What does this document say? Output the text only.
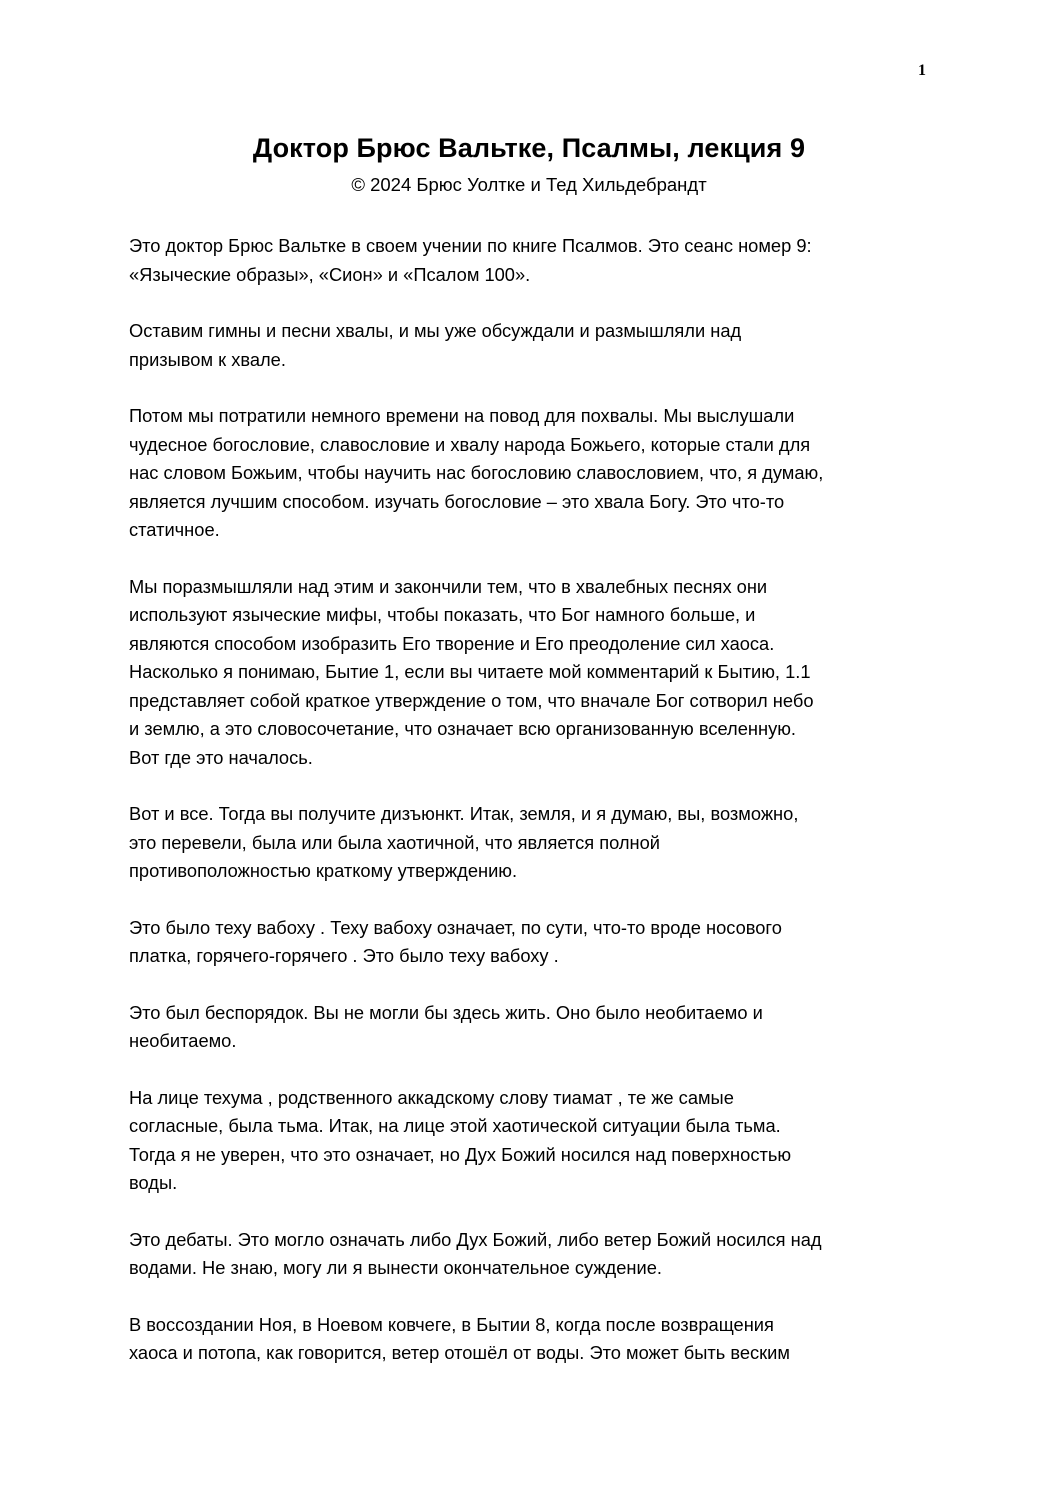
1
Доктор Брюс Вальтке, Псалмы, лекция 9
© 2024 Брюс Уолтке и Тед Хильдебрандт

Это доктор Брюс Вальтке в своем учении по книге Псалмов. Это сеанс номер 9:
«Языческие образы», «Сион» и «Псалом 100».

Оставим гимны и песни хвалы, и мы уже обсуждали и размышляли над
призывом к хвале.

Потом мы потратили немного времени на повод для похвалы. Мы выслушали
чудесное богословие, славословие и хвалу народа Божьего, которые стали для
нас словом Божьим, чтобы научить нас богословию славословием, что, я думаю,
является лучшим способом. изучать богословие – это хвала Богу. Это что-то
статичное.

Мы поразмышляли над этим и закончили тем, что в хвалебных песнях они
используют языческие мифы, чтобы показать, что Бог намного больше, и
являются способом изобразить Его творение и Его преодоление сил хаоса.
Насколько я понимаю, Бытие 1, если вы читаете мой комментарий к Бытию, 1.1
представляет собой краткое утверждение о том, что вначале Бог сотворил небо
и землю, а это словосочетание, что означает всю организованную вселенную.
Вот где это началось.

Вот и все. Тогда вы получите дизъюнкт. Итак, земля, и я думаю, вы, возможно,
это перевели, была или была хаотичной, что является полной
противоположностью краткому утверждению.

Это было теху вабоху . Теху вабоху означает, по сути, что-то вроде носового
платка, горячего-горячего . Это было теху вабоху .

Это был беспорядок. Вы не могли бы здесь жить. Оно было необитаемо и
необитаемо.

На лице техума , родственного аккадскому слову тиамат , те же самые
согласные, была тьма. Итак, на лице этой хаотической ситуации была тьма.
Тогда я не уверен, что это означает, но Дух Божий носился над поверхностью
воды.

Это дебаты. Это могло означать либо Дух Божий, либо ветер Божий носился над
водами. Не знаю, могу ли я вынести окончательное суждение.

В воссоздании Ноя, в Ноевом ковчеге, в Бытии 8, когда после возвращения
хаоса и потопа, как говорится, ветер отошёл от воды. Это может быть веским
